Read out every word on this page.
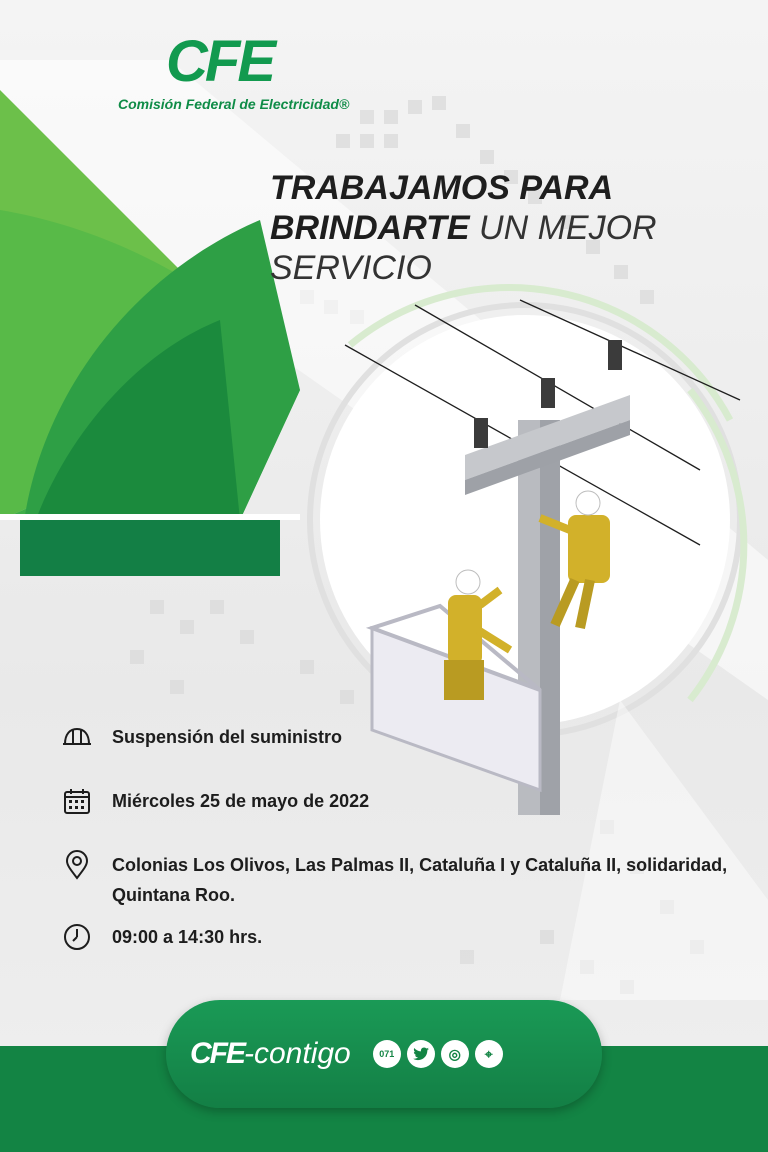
CFE
Comisión Federal de Electricidad®
TRABAJAMOS PARA
BRINDARTE UN MEJOR
SERVICIO
Suspensión del suministro
Miércoles 25 de mayo de 2022
Colonias Los Olivos, Las Palmas II, Cataluña I y Cataluña II, solidaridad, Quintana Roo.
09:00 a 14:30 hrs.
CFE-contigo	071	◎	⌖
